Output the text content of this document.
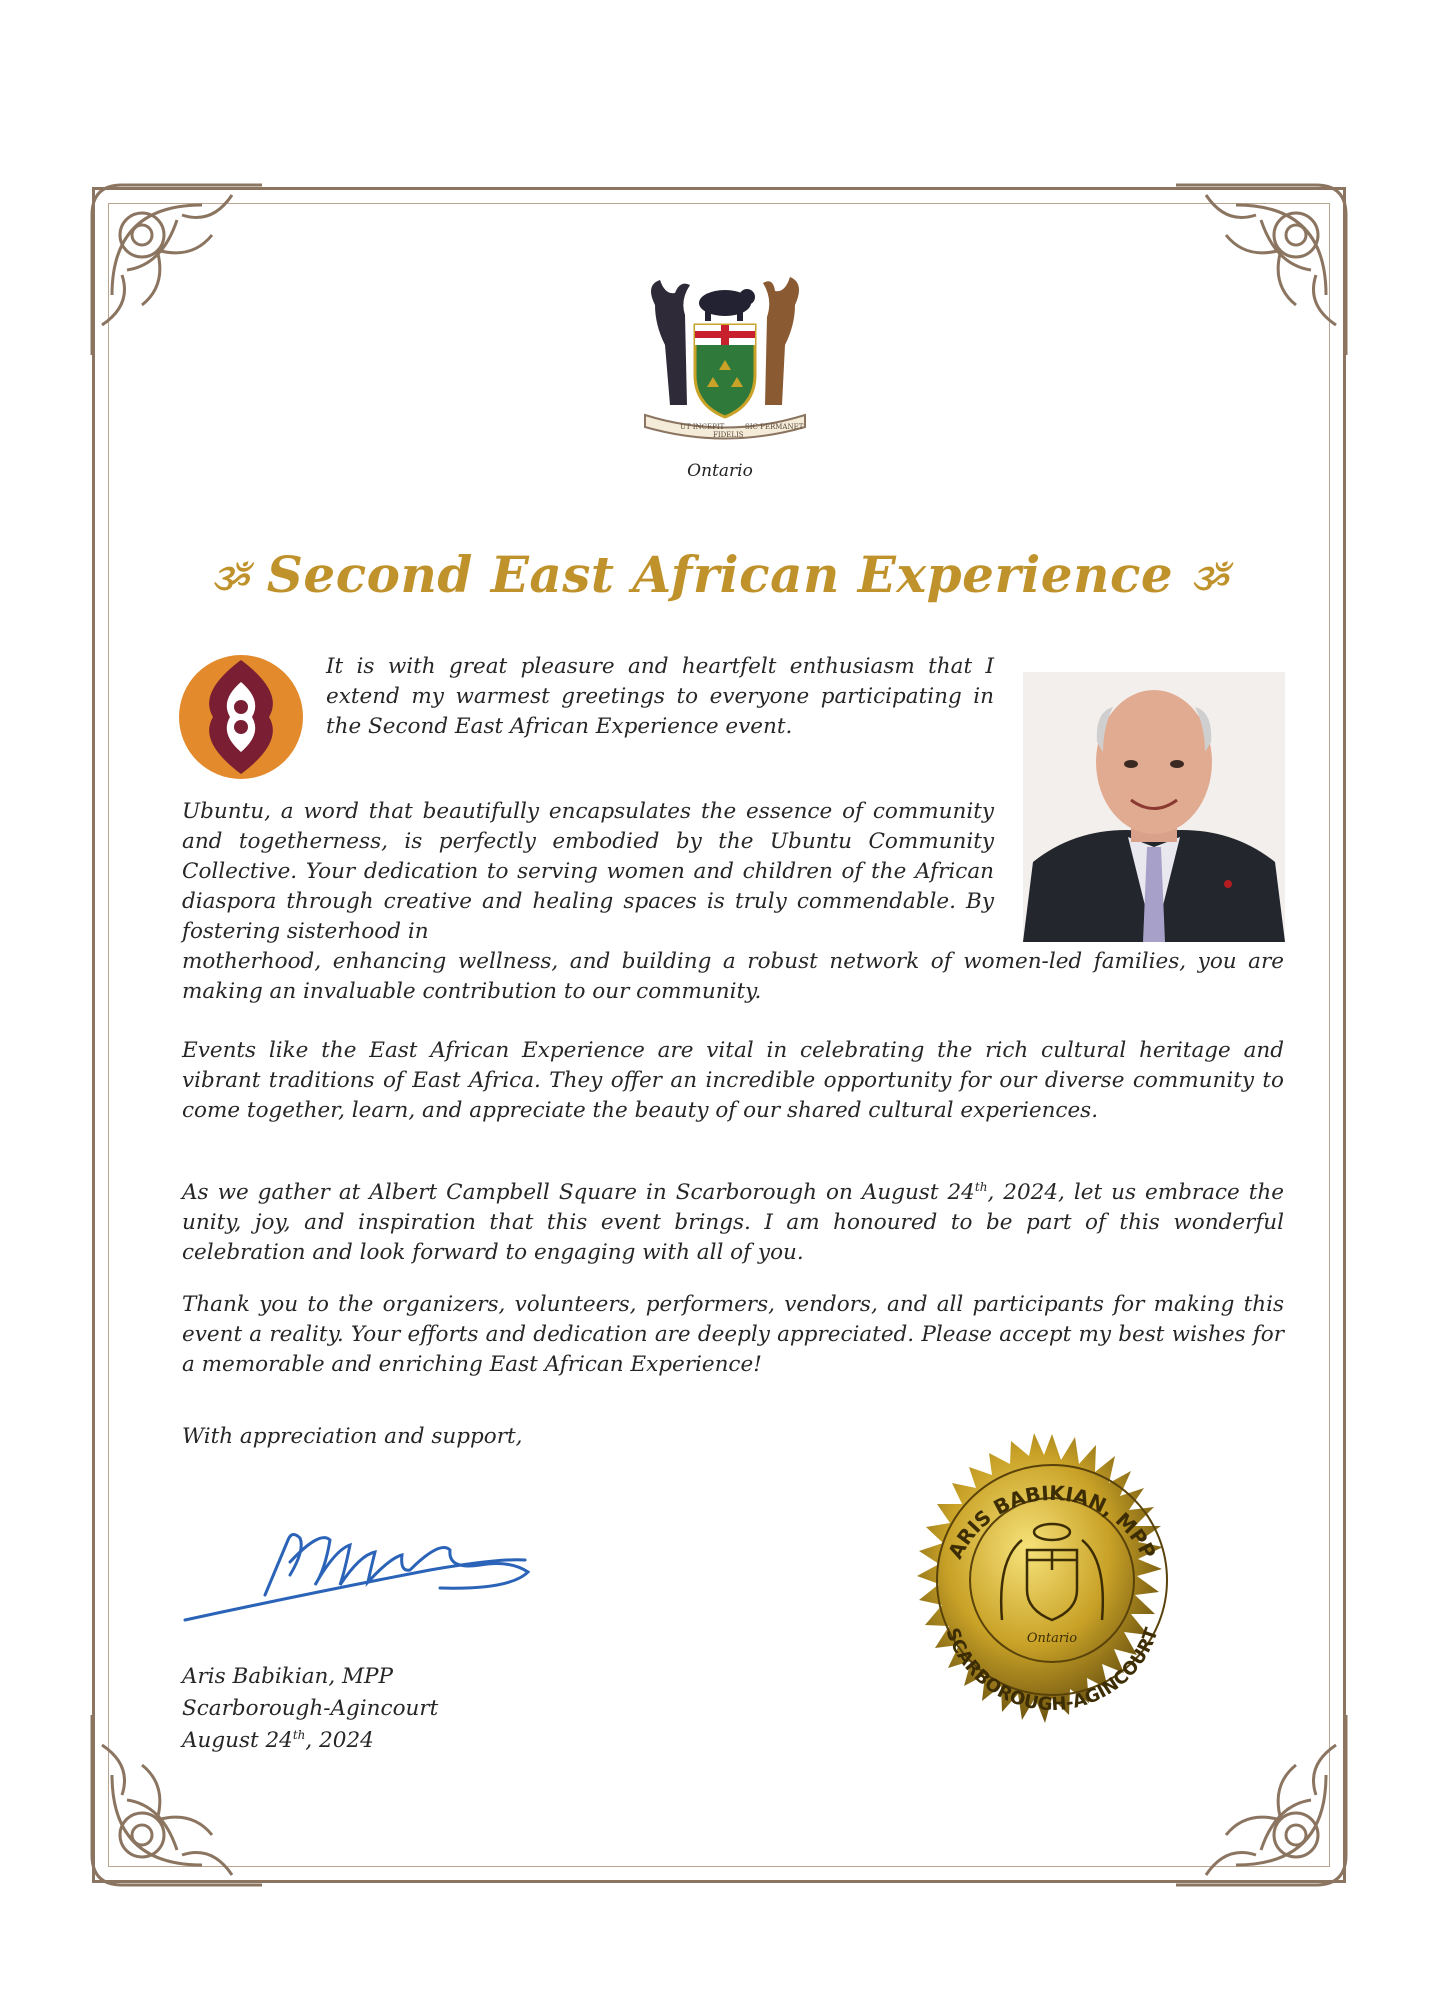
UT INCEPIT
FIDELIS
SIC PERMANET
Ontario
ૐ Second East African Experience ૐ

It is with great pleasure and heartfelt enthusiasm that I extend my warmest greetings to everyone participating in the Second East African Experience event.

Ubuntu, a word that beautifully encapsulates the essence of community and togetherness, is perfectly embodied by the Ubuntu Community Collective. Your dedication to serving women and children of the African diaspora through creative and healing spaces is truly commendable. By fostering sisterhood in

motherhood, enhancing wellness, and building a robust network of women-led families, you are making an invaluable contribution to our community.

Events like the East African Experience are vital in celebrating the rich cultural heritage and vibrant traditions of East Africa. They offer an incredible opportunity for our diverse community to come together, learn, and appreciate the beauty of our shared cultural experiences.

As we gather at Albert Campbell Square in Scarborough on August 24th, 2024, let us embrace the unity, joy, and inspiration that this event brings. I am honoured to be part of this wonderful celebration and look forward to engaging with all of you.

Thank you to the organizers, volunteers, performers, vendors, and all participants for making this event a reality. Your efforts and dedication are deeply appreciated. Please accept my best wishes for a memorable and enriching East African Experience!

With appreciation and support,
Aris Babikian, MPP
Scarborough-Agincourt
August 24th, 2024
ARIS BABIKIAN, MPP
SCARBOROUGH-AGINCOURT
Ontario
